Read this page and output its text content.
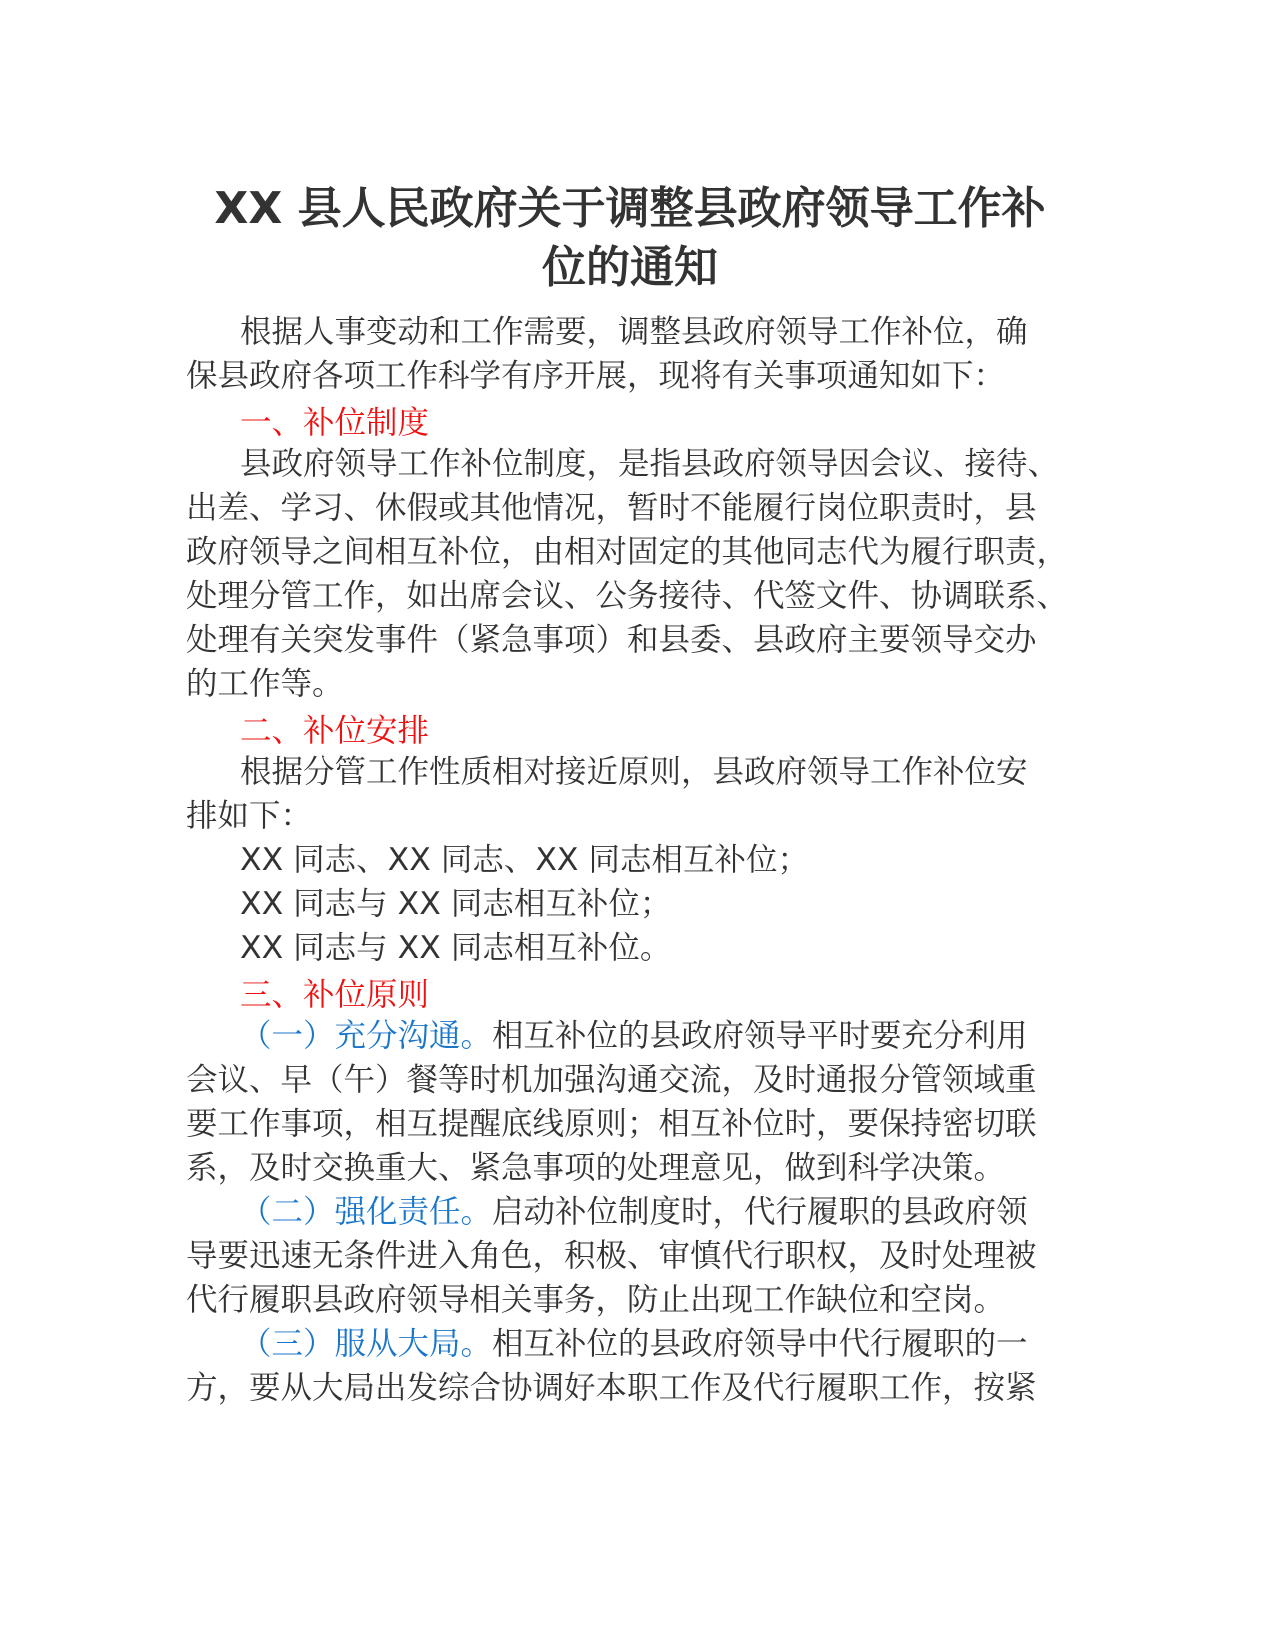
XX 县人民政府关于调整县政府领导工作补
位的通知
根据人事变动和工作需要，调整县政府领导工作补位，确
保县政府各项工作科学有序开展，现将有关事项通知如下：
一、补位制度
县政府领导工作补位制度，是指县政府领导因会议、接待、
出差、学习、休假或其他情况，暂时不能履行岗位职责时，县
政府领导之间相互补位，由相对固定的其他同志代为履行职责，
处理分管工作，如出席会议、公务接待、代签文件、协调联系、
处理有关突发事件（紧急事项）和县委、县政府主要领导交办
的工作等。
二、补位安排
根据分管工作性质相对接近原则，县政府领导工作补位安
排如下：
XX 同志、XX 同志、XX 同志相互补位；
XX 同志与 XX 同志相互补位；
XX 同志与 XX 同志相互补位。
三、补位原则
（一）充分沟通。相互补位的县政府领导平时要充分利用
会议、早（午）餐等时机加强沟通交流，及时通报分管领域重
要工作事项，相互提醒底线原则；相互补位时，要保持密切联
系，及时交换重大、紧急事项的处理意见，做到科学决策。
（二）强化责任。启动补位制度时，代行履职的县政府领
导要迅速无条件进入角色，积极、审慎代行职权，及时处理被
代行履职县政府领导相关事务，防止出现工作缺位和空岗。
（三）服从大局。相互补位的县政府领导中代行履职的一
方，要从大局出发综合协调好本职工作及代行履职工作，按紧
